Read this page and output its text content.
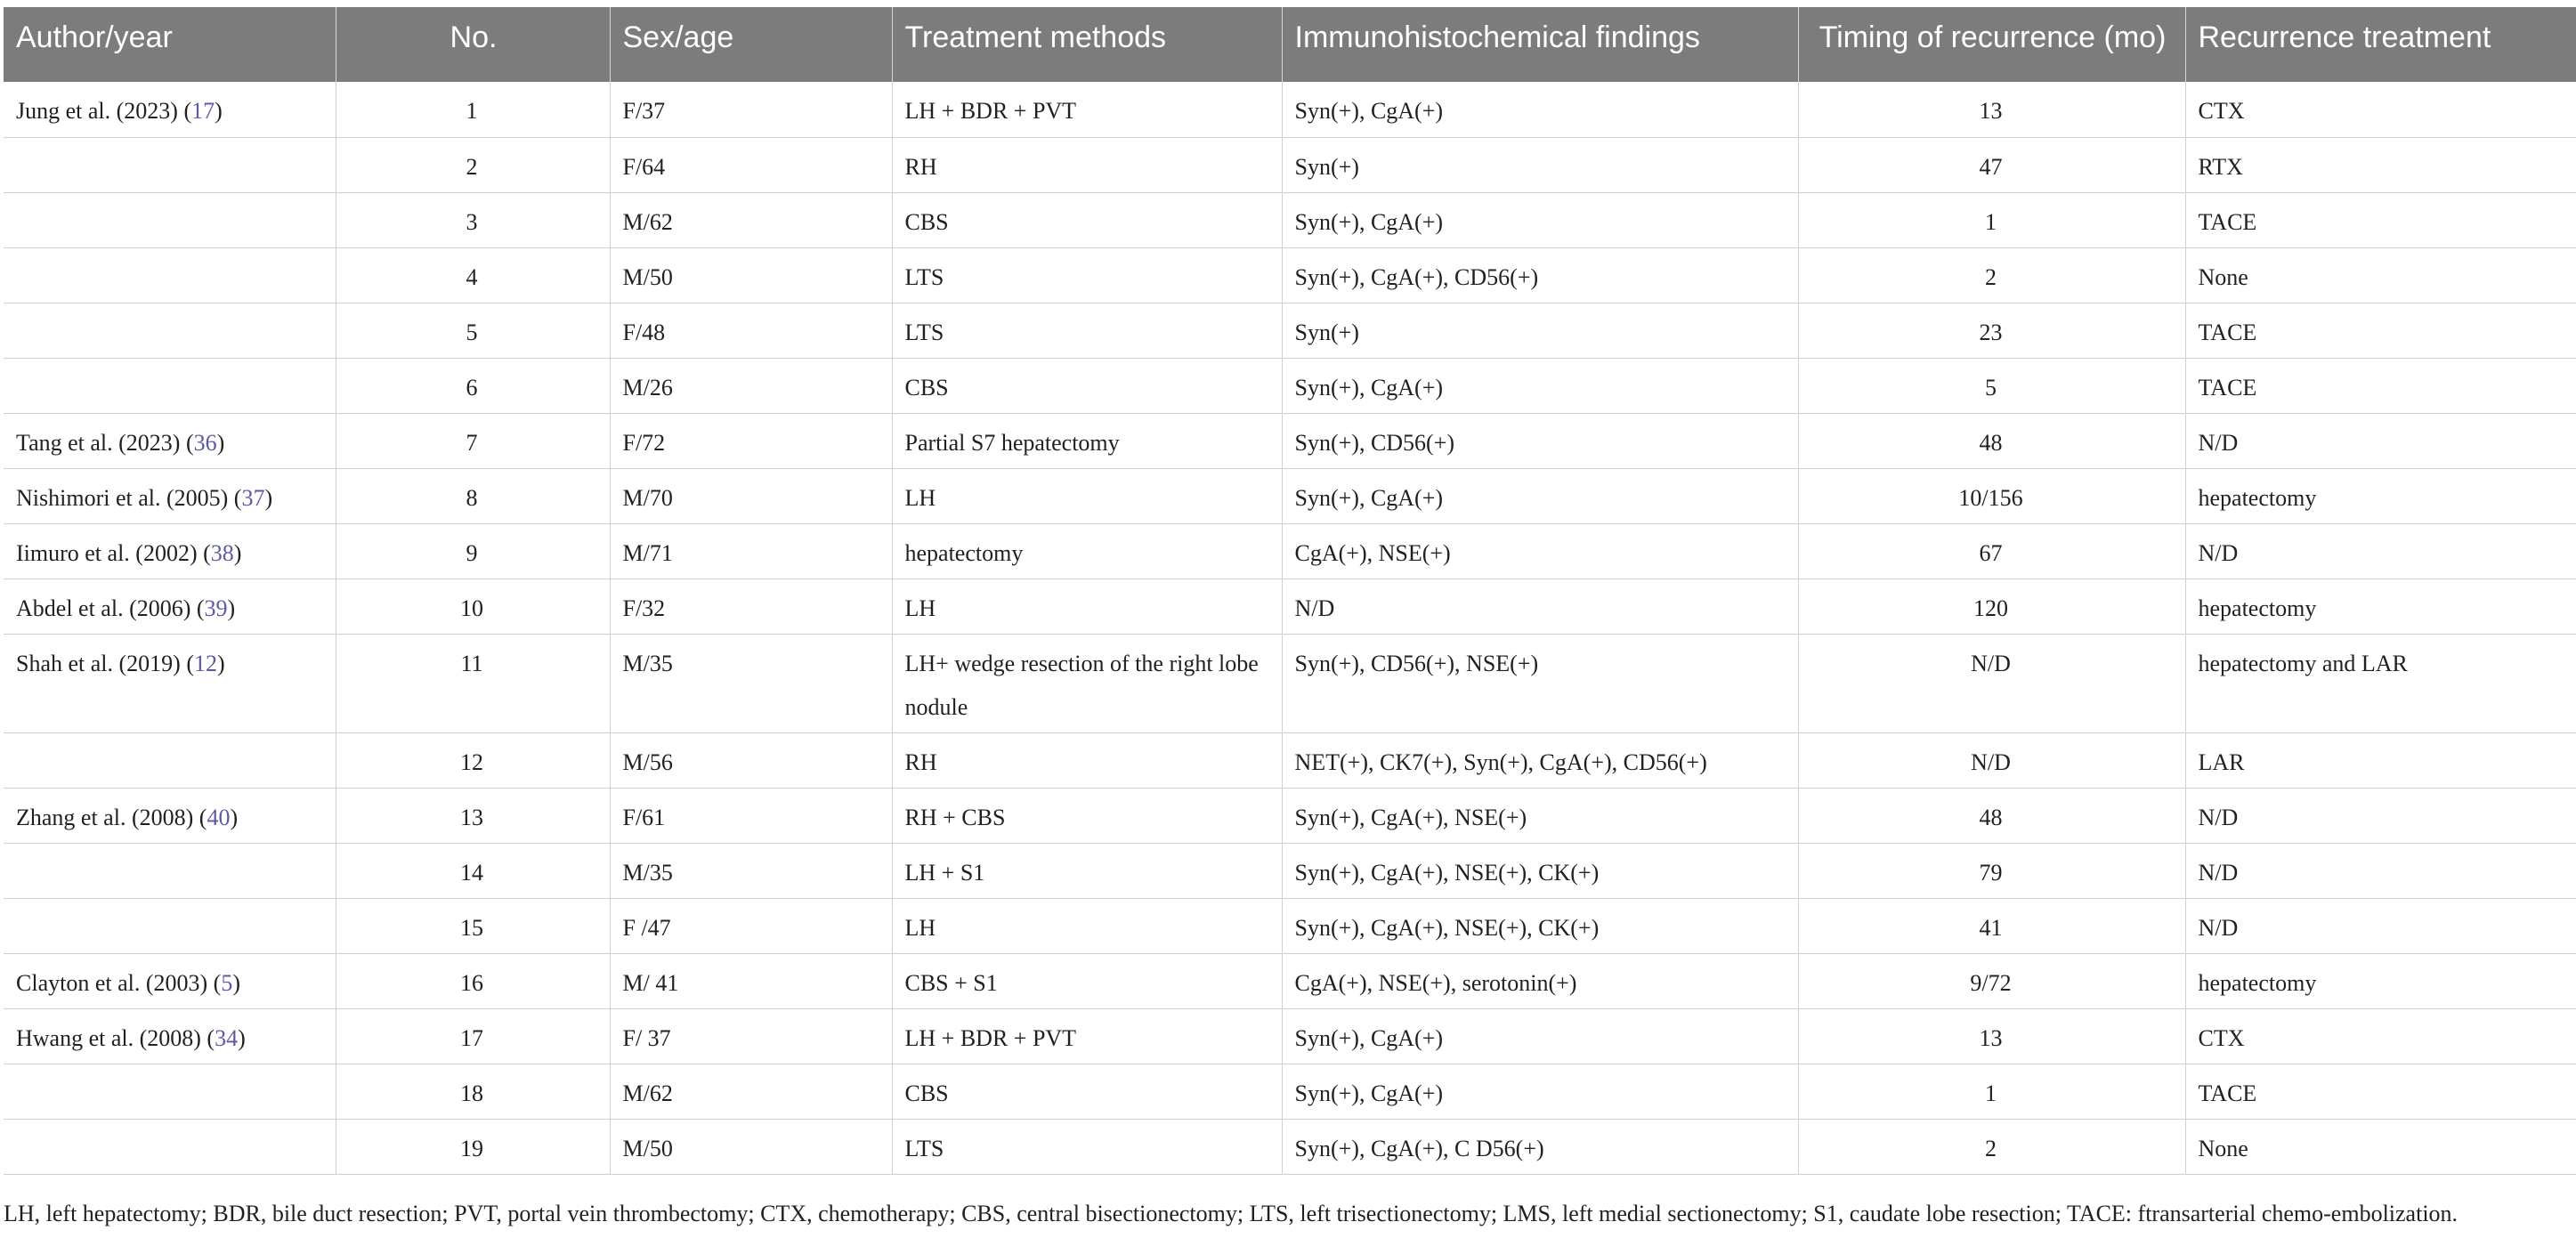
Author/year	No.	Sex/age	Treatment methods	Immunohistochemical findings	Timing of recurrence (mo)	Recurrence treatment
Jung et al. (2023) (17)	1	F/37	LH + BDR + PVT	Syn(+), CgA(+)	13	CTX
	2	F/64	RH	Syn(+)	47	RTX
	3	M/62	CBS	Syn(+), CgA(+)	1	TACE
	4	M/50	LTS	Syn(+), CgA(+), CD56(+)	2	None
	5	F/48	LTS	Syn(+)	23	TACE
	6	M/26	CBS	Syn(+), CgA(+)	5	TACE
Tang et al. (2023) (36)	7	F/72	Partial S7 hepatectomy	Syn(+), CD56(+)	48	N/D
Nishimori et al. (2005) (37)	8	M/70	LH	Syn(+), CgA(+)	10/156	hepatectomy
Iimuro et al. (2002) (38)	9	M/71	hepatectomy	CgA(+), NSE(+)	67	N/D
Abdel et al. (2006) (39)	10	F/32	LH	N/D	120	hepatectomy
Shah et al. (2019) (12)	11	M/35	LH+ wedge resection of the right lobe nodule	Syn(+), CD56(+), NSE(+)	N/D	hepatectomy and LAR
	12	M/56	RH	NET(+), CK7(+), Syn(+), CgA(+), CD56(+)	N/D	LAR
Zhang et al. (2008) (40)	13	F/61	RH + CBS	Syn(+), CgA(+), NSE(+)	48	N/D
	14	M/35	LH + S1	Syn(+), CgA(+), NSE(+), CK(+)	79	N/D
	15	F /47	LH	Syn(+), CgA(+), NSE(+), CK(+)	41	N/D
Clayton et al. (2003) (5)	16	M/ 41	CBS + S1	CgA(+), NSE(+), serotonin(+)	9/72	hepatectomy
Hwang et al. (2008) (34)	17	F/ 37	LH + BDR + PVT	Syn(+), CgA(+)	13	CTX
	18	M/62	CBS	Syn(+), CgA(+)	1	TACE
	19	M/50	LTS	Syn(+), CgA(+), C D56(+)	2	None
LH, left hepatectomy; BDR, bile duct resection; PVT, portal vein thrombectomy; CTX, chemotherapy; CBS, central bisectionectomy; LTS, left trisectionectomy; LMS, left medial sectionectomy; S1, caudate lobe resection; TACE: ftransarterial chemo-embolization.
